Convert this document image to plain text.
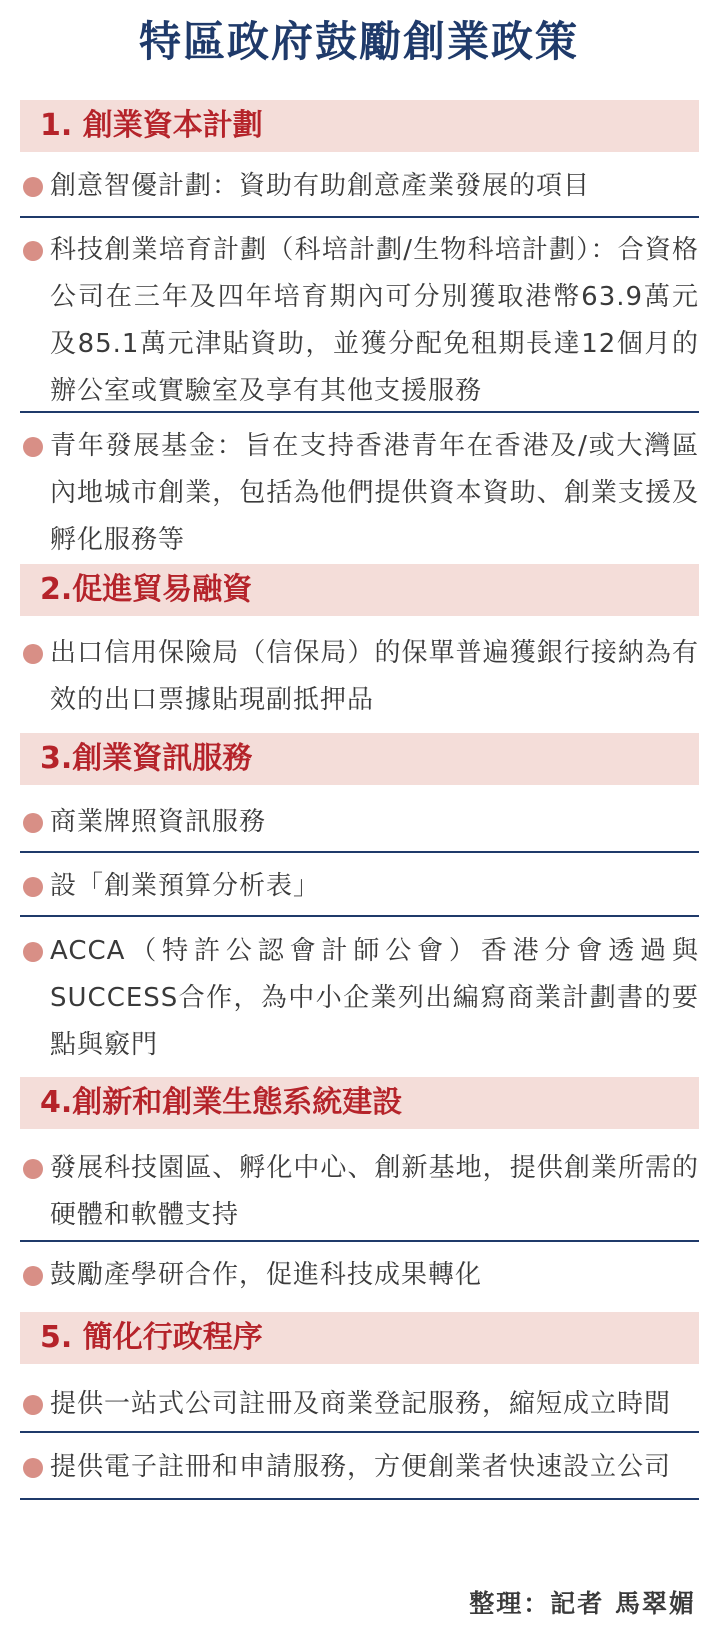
特區政府鼓勵創業政策
1. 創業資本計劃
創意智優計劃：資助有助創意產業發展的項目
科技創業培育計劃（科培計劃/生物科培計劃）：合資格公司在三年及四年培育期內可分別獲取港幣63.9萬元及85.1萬元津貼資助，並獲分配免租期長達12個月的辦公室或實驗室及享有其他支援服務
青年發展基金：旨在支持香港青年在香港及/或大灣區內地城市創業，包括為他們提供資本資助、創業支援及孵化服務等
2.促進貿易融資
出口信用保險局（信保局）的保單普遍獲銀行接納為有效的出口票據貼現副抵押品
3.創業資訊服務
商業牌照資訊服務
設「創業預算分析表」
ACCA（特許公認會計師公會）香港分會透過與SUCCESS合作，為中小企業列出編寫商業計劃書的要點與竅門
4.創新和創業生態系統建設
發展科技園區、孵化中心、創新基地，提供創業所需的硬體和軟體支持
鼓勵產學研合作，促進科技成果轉化
5. 簡化行政程序
提供一站式公司註冊及商業登記服務，縮短成立時間
提供電子註冊和申請服務，方便創業者快速設立公司
整理：記者 馬翠媚
